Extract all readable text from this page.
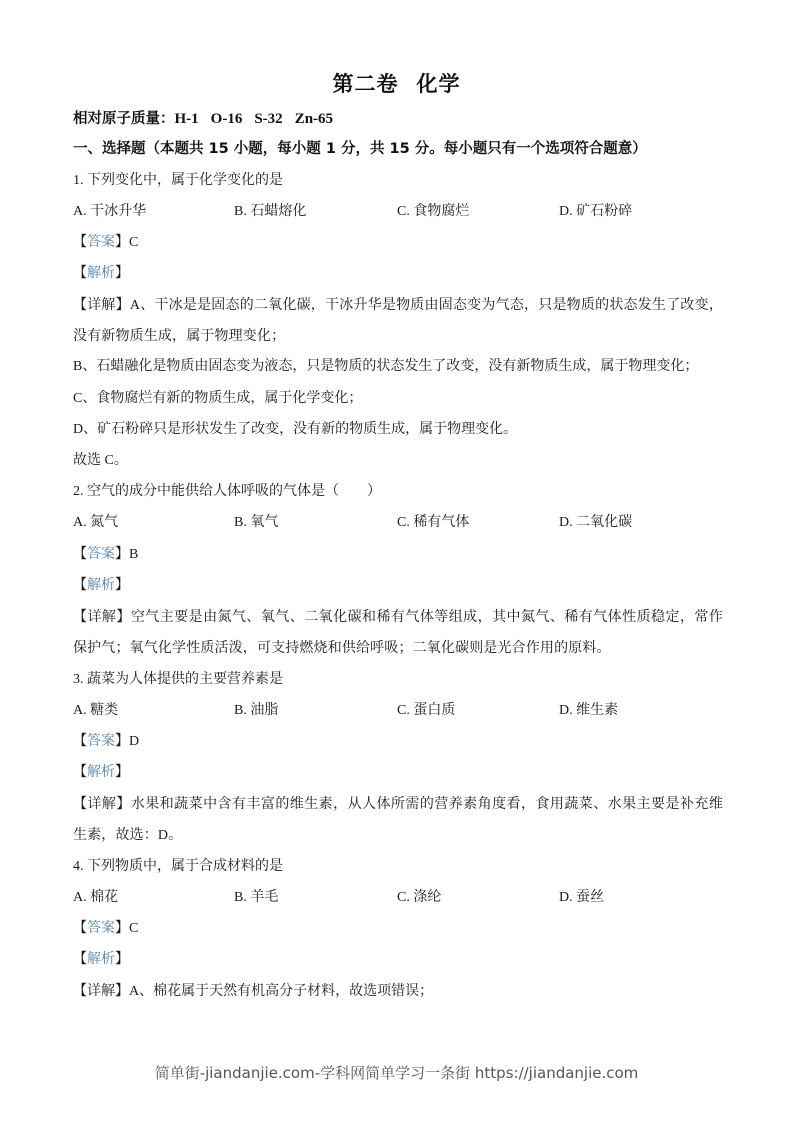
第二卷 化学
相对原子质量：H-1 O-16 S-32 Zn-65
一、选择题（本题共 15 小题，每小题 1 分，共 15 分。每小题只有一个选项符合题意）
1. 下列变化中，属于化学变化的是
A. 干冰升华	B. 石蜡熔化	C. 食物腐烂	D. 矿石粉碎
【答案】C
【解析】
【详解】A、干冰是是固态的二氧化碳，干冰升华是物质由固态变为气态，只是物质的状态发生了改变，没有新物质生成，属于物理变化；
B、石蜡融化是物质由固态变为液态，只是物质的状态发生了改变，没有新物质生成，属于物理变化；
C、食物腐烂有新的物质生成，属于化学变化；
D、矿石粉碎只是形状发生了改变，没有新的物质生成，属于物理变化。
故选 C。
2. 空气的成分中能供给人体呼吸的气体是（　　）
A. 氮气	B. 氧气	C. 稀有气体	D. 二氧化碳
【答案】B
【解析】
【详解】空气主要是由氮气、氧气、二氧化碳和稀有气体等组成，其中氮气、稀有气体性质稳定，常作保护气；氧气化学性质活泼，可支持燃烧和供给呼吸；二氧化碳则是光合作用的原料。
3. 蔬菜为人体提供的主要营养素是
A. 糖类	B. 油脂	C. 蛋白质	D. 维生素
【答案】D
【解析】
【详解】水果和蔬菜中含有丰富的维生素，从人体所需的营养素角度看，食用蔬菜、水果主要是补充维生素，故选：D。
4. 下列物质中，属于合成材料的是
A. 棉花	B. 羊毛	C. 涤纶	D. 蚕丝
【答案】C
【解析】
【详解】A、棉花属于天然有机高分子材料，故选项错误；
简单街-jiandanjie.com-学科网简单学习一条街 https://jiandanjie.com
